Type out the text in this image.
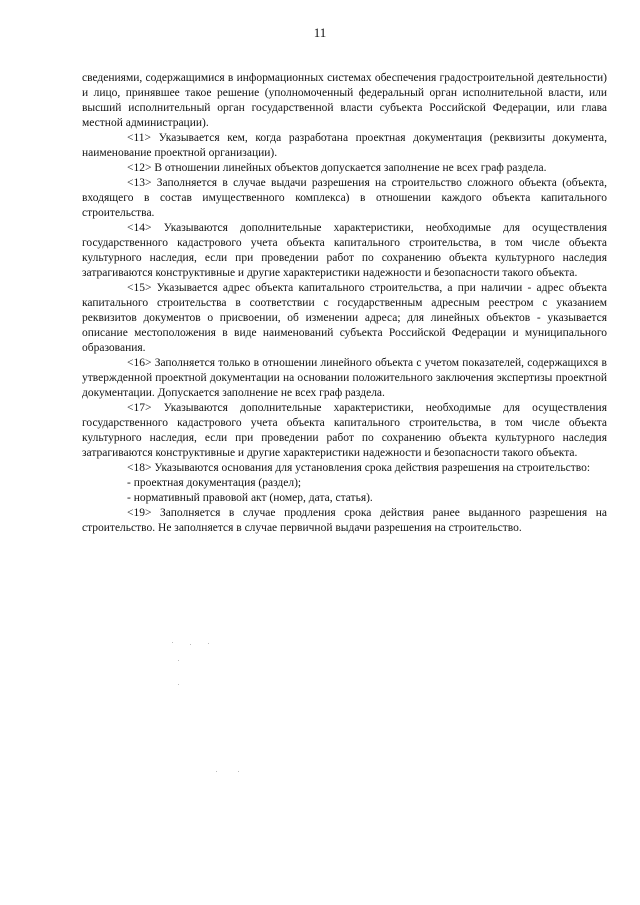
11

сведениями, содержащимися в информационных системах обеспечения градостроительной деятельности) и лицо, принявшее такое решение (уполномоченный федеральный орган исполнительной власти, или высший исполнительный орган государственной власти субъекта Российской Федерации, или глава местной администрации).

<11> Указывается кем, когда разработана проектная документация (реквизиты документа, наименование проектной организации).

<12> В отношении линейных объектов допускается заполнение не всех граф раздела.

<13> Заполняется в случае выдачи разрешения на строительство сложного объекта (объекта, входящего в состав имущественного комплекса) в отношении каждого объекта капитального строительства.

<14> Указываются дополнительные характеристики, необходимые для осуществления государственного кадастрового учета объекта капитального строительства, в том числе объекта культурного наследия, если при проведении работ по сохранению объекта культурного наследия затрагиваются конструктивные и другие характеристики надежности и безопасности такого объекта.

<15> Указывается адрес объекта капитального строительства, а при наличии - адрес объекта капитального строительства в соответствии с государственным адресным реестром с указанием реквизитов документов о присвоении, об изменении адреса; для линейных объектов - указывается описание местоположения в виде наименований субъекта Российской Федерации и муниципального образования.

<16> Заполняется только в отношении линейного объекта с учетом показателей, содержащихся в утвержденной проектной документации на основании положительного заключения экспертизы проектной документации. Допускается заполнение не всех граф раздела.

<17> Указываются дополнительные характеристики, необходимые для осуществления государственного кадастрового учета объекта капитального строительства, в том числе объекта культурного наследия, если при проведении работ по сохранению объекта культурного наследия затрагиваются конструктивные и другие характеристики надежности и безопасности такого объекта.

<18> Указываются основания для установления срока действия разрешения на строительство:

- проектная документация (раздел);

- нормативный правовой акт (номер, дата, статья).

<19> Заполняется в случае продления срока действия ранее выданного разрешения на строительство. Не заполняется в случае первичной выдачи разрешения на строительство.
